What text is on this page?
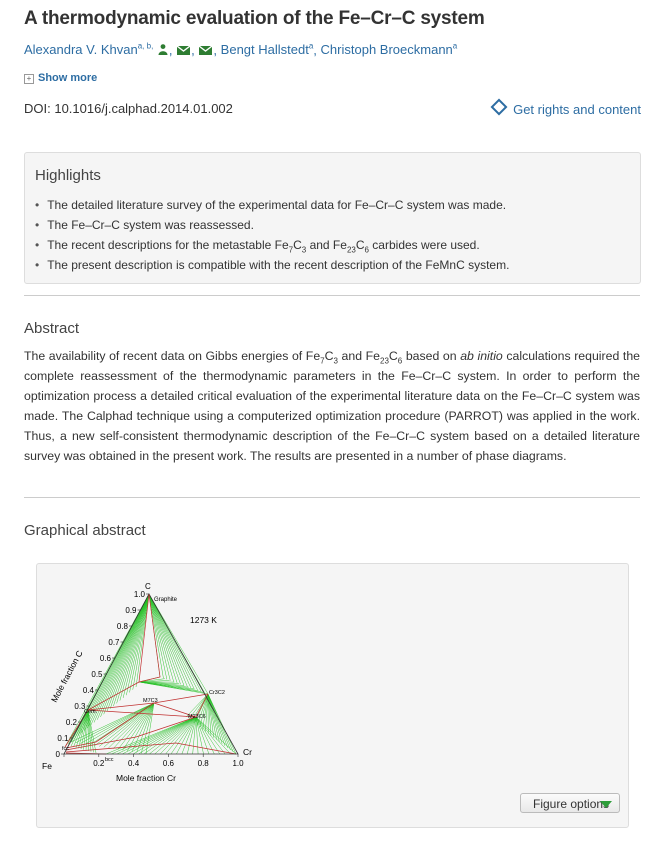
A thermodynamic evaluation of the Fe–Cr–C system
Alexandra V. Khvan$^{a, b,}$ , , , Bengt Hallstedt$^a$, Christoph Broeckmann$^a$
+ Show more
DOI: 10.1016/j.calphad.2014.01.002	Get rights and content
Highlights
• The detailed literature survey of the experimental data for Fe–Cr–C system was made.
• The Fe–Cr–C system was reassessed.
• The recent descriptions for the metastable $Fe_7C_3$ and $Fe_{23}C_6$ carbides were used.
• The present description is compatible with the recent description of the FeMnC system.
Abstract

The availability of recent data on Gibbs energies of $Fe_7C_3$ and $Fe_{23}C_6$ based on ab initio calculations required the complete reassessment of the thermodynamic parameters in the Fe–Cr–C system. In order to perform the optimization process a detailed critical evaluation of the experimental literature data on the Fe–Cr–C system was made. The Calphad technique using a computerized optimization procedure (PARROT) was applied in the work. Thus, a new self-consistent thermodynamic description of the Fe–Cr–C system based on a detailed literature survey was obtained in the present work. The results are presented in a number of phase diagrams.

Graphical abstract
0
0.1
0.2
0.3
0.4
0.5
0.6
0.7
0.8
0.9
1.0
0.2	0.4	0.6	0.8	1.0
C
Fe
Cr
1273 K
Mole fraction Cr
Mole fraction C
Graphite
Cr3C2
M7C3
M23C6
Cem.
fcc
bcc
Figure options
